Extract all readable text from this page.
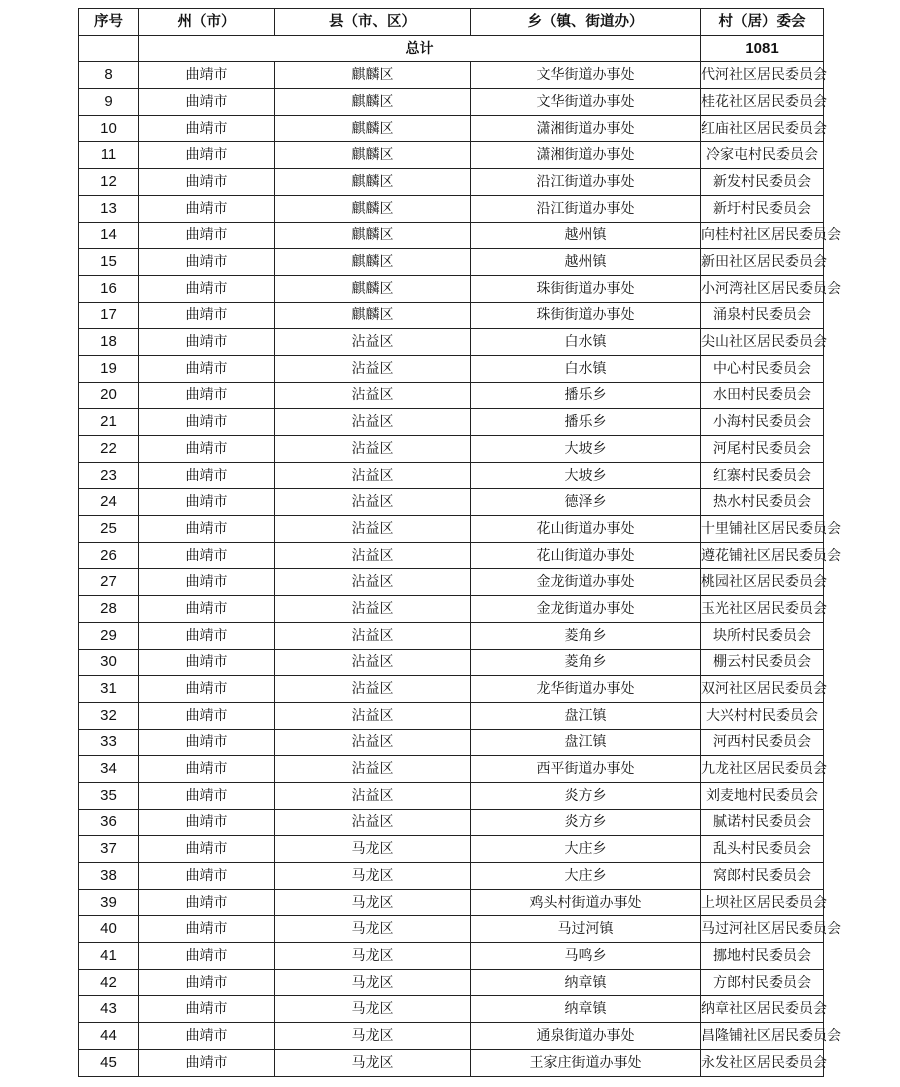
序号	州（市）	县（市、区）	乡（镇、街道办）	村（居）委会
	总计			1081
8	曲靖市	麒麟区	文华街道办事处	代河社区居民委员会
9	曲靖市	麒麟区	文华街道办事处	桂花社区居民委员会
10	曲靖市	麒麟区	潇湘街道办事处	红庙社区居民委员会
11	曲靖市	麒麟区	潇湘街道办事处	冷家屯村民委员会
12	曲靖市	麒麟区	沿江街道办事处	新发村民委员会
13	曲靖市	麒麟区	沿江街道办事处	新圩村民委员会
14	曲靖市	麒麟区	越州镇	向桂村社区居民委员会
15	曲靖市	麒麟区	越州镇	新田社区居民委员会
16	曲靖市	麒麟区	珠街街道办事处	小河湾社区居民委员会
17	曲靖市	麒麟区	珠街街道办事处	涌泉村民委员会
18	曲靖市	沾益区	白水镇	尖山社区居民委员会
19	曲靖市	沾益区	白水镇	中心村民委员会
20	曲靖市	沾益区	播乐乡	水田村民委员会
21	曲靖市	沾益区	播乐乡	小海村民委员会
22	曲靖市	沾益区	大坡乡	河尾村民委员会
23	曲靖市	沾益区	大坡乡	红寨村民委员会
24	曲靖市	沾益区	德泽乡	热水村民委员会
25	曲靖市	沾益区	花山街道办事处	十里铺社区居民委员会
26	曲靖市	沾益区	花山街道办事处	遵花铺社区居民委员会
27	曲靖市	沾益区	金龙街道办事处	桃园社区居民委员会
28	曲靖市	沾益区	金龙街道办事处	玉光社区居民委员会
29	曲靖市	沾益区	菱角乡	块所村民委员会
30	曲靖市	沾益区	菱角乡	棚云村民委员会
31	曲靖市	沾益区	龙华街道办事处	双河社区居民委员会
32	曲靖市	沾益区	盘江镇	大兴村村民委员会
33	曲靖市	沾益区	盘江镇	河西村民委员会
34	曲靖市	沾益区	西平街道办事处	九龙社区居民委员会
35	曲靖市	沾益区	炎方乡	刘麦地村民委员会
36	曲靖市	沾益区	炎方乡	腻诺村民委员会
37	曲靖市	马龙区	大庄乡	乱头村民委员会
38	曲靖市	马龙区	大庄乡	窝郎村民委员会
39	曲靖市	马龙区	鸡头村街道办事处	上坝社区居民委员会
40	曲靖市	马龙区	马过河镇	马过河社区居民委员会
41	曲靖市	马龙区	马鸣乡	挪地村民委员会
42	曲靖市	马龙区	纳章镇	方郎村民委员会
43	曲靖市	马龙区	纳章镇	纳章社区居民委员会
44	曲靖市	马龙区	通泉街道办事处	昌隆铺社区居民委员会
45	曲靖市	马龙区	王家庄街道办事处	永发社区居民委员会
